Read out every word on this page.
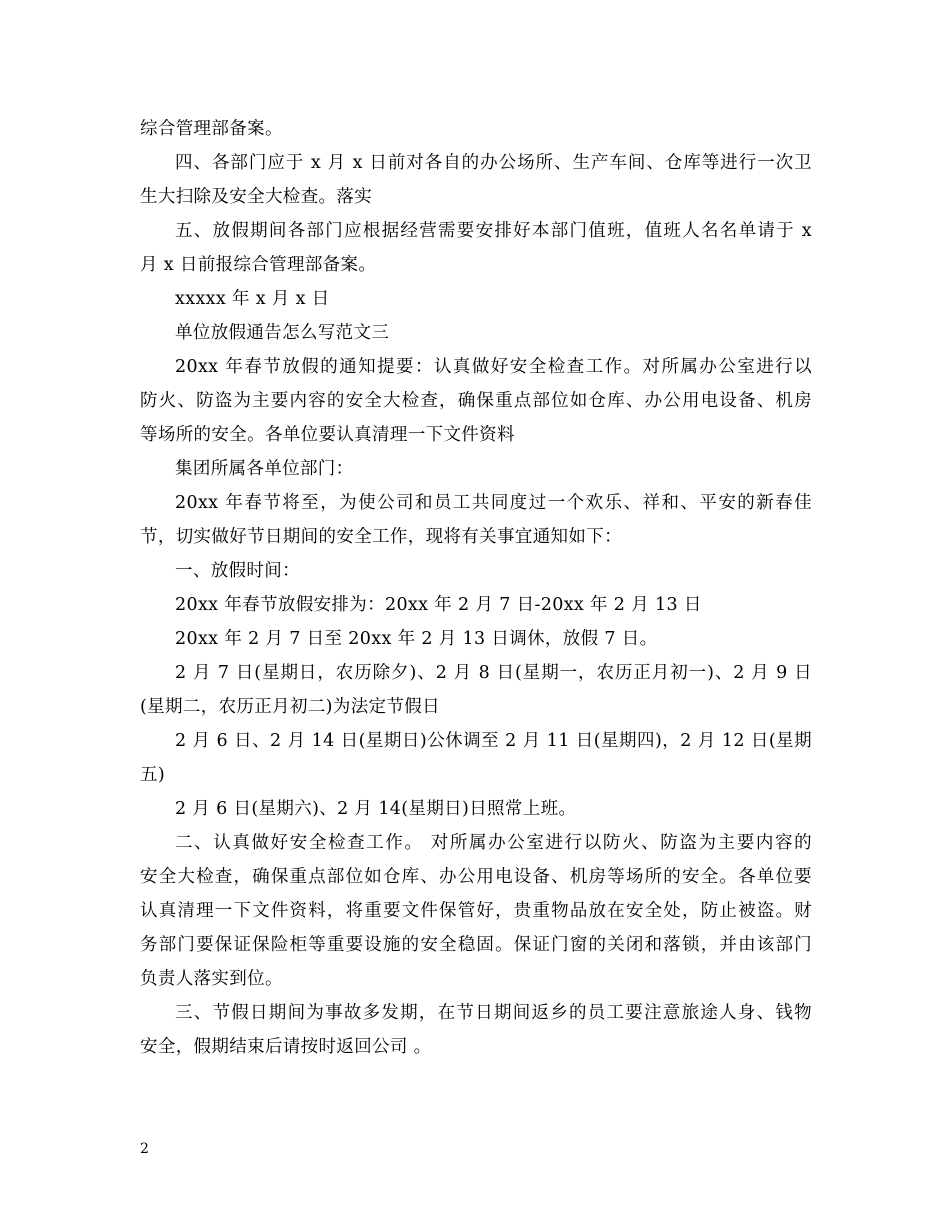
综合管理部备案。
四、各部门应于 x 月 x 日前对各自的办公场所、生产车间、仓库等进行一次卫
生大扫除及安全大检查。落实
五、放假期间各部门应根据经营需要安排好本部门值班，值班人名名单请于 x
月 x 日前报综合管理部备案。
xxxxx 年 x 月 x 日
单位放假通告怎么写范文三
20xx 年春节放假的通知提要：认真做好安全检查工作。对所属办公室进行以
防火、防盗为主要内容的安全大检查，确保重点部位如仓库、办公用电设备、机房
等场所的安全。各单位要认真清理一下文件资料
集团所属各单位部门：
20xx 年春节将至，为使公司和员工共同度过一个欢乐、祥和、平安的新春佳
节，切实做好节日期间的安全工作，现将有关事宜通知如下：
一、放假时间：
20xx 年春节放假安排为：20xx 年 2 月 7 日-20xx 年 2 月 13 日
20xx 年 2 月 7 日至 20xx 年 2 月 13 日调休，放假 7 日。
2 月 7 日(星期日，农历除夕)、2 月 8 日(星期一，农历正月初一)、2 月 9 日
(星期二，农历正月初二)为法定节假日
2 月 6 日、2 月 14 日(星期日)公休调至 2 月 11 日(星期四)，2 月 12 日(星期
五)
2 月 6 日(星期六)、2 月 14(星期日)日照常上班。
二、认真做好安全检查工作。 对所属办公室进行以防火、防盗为主要内容的
安全大检查，确保重点部位如仓库、办公用电设备、机房等场所的安全。各单位要
认真清理一下文件资料，将重要文件保管好，贵重物品放在安全处，防止被盗。财
务部门要保证保险柜等重要设施的安全稳固。保证门窗的关闭和落锁，并由该部门
负责人落实到位。
三、节假日期间为事故多发期，在节日期间返乡的员工要注意旅途人身、钱物
安全，假期结束后请按时返回公司 。
2
